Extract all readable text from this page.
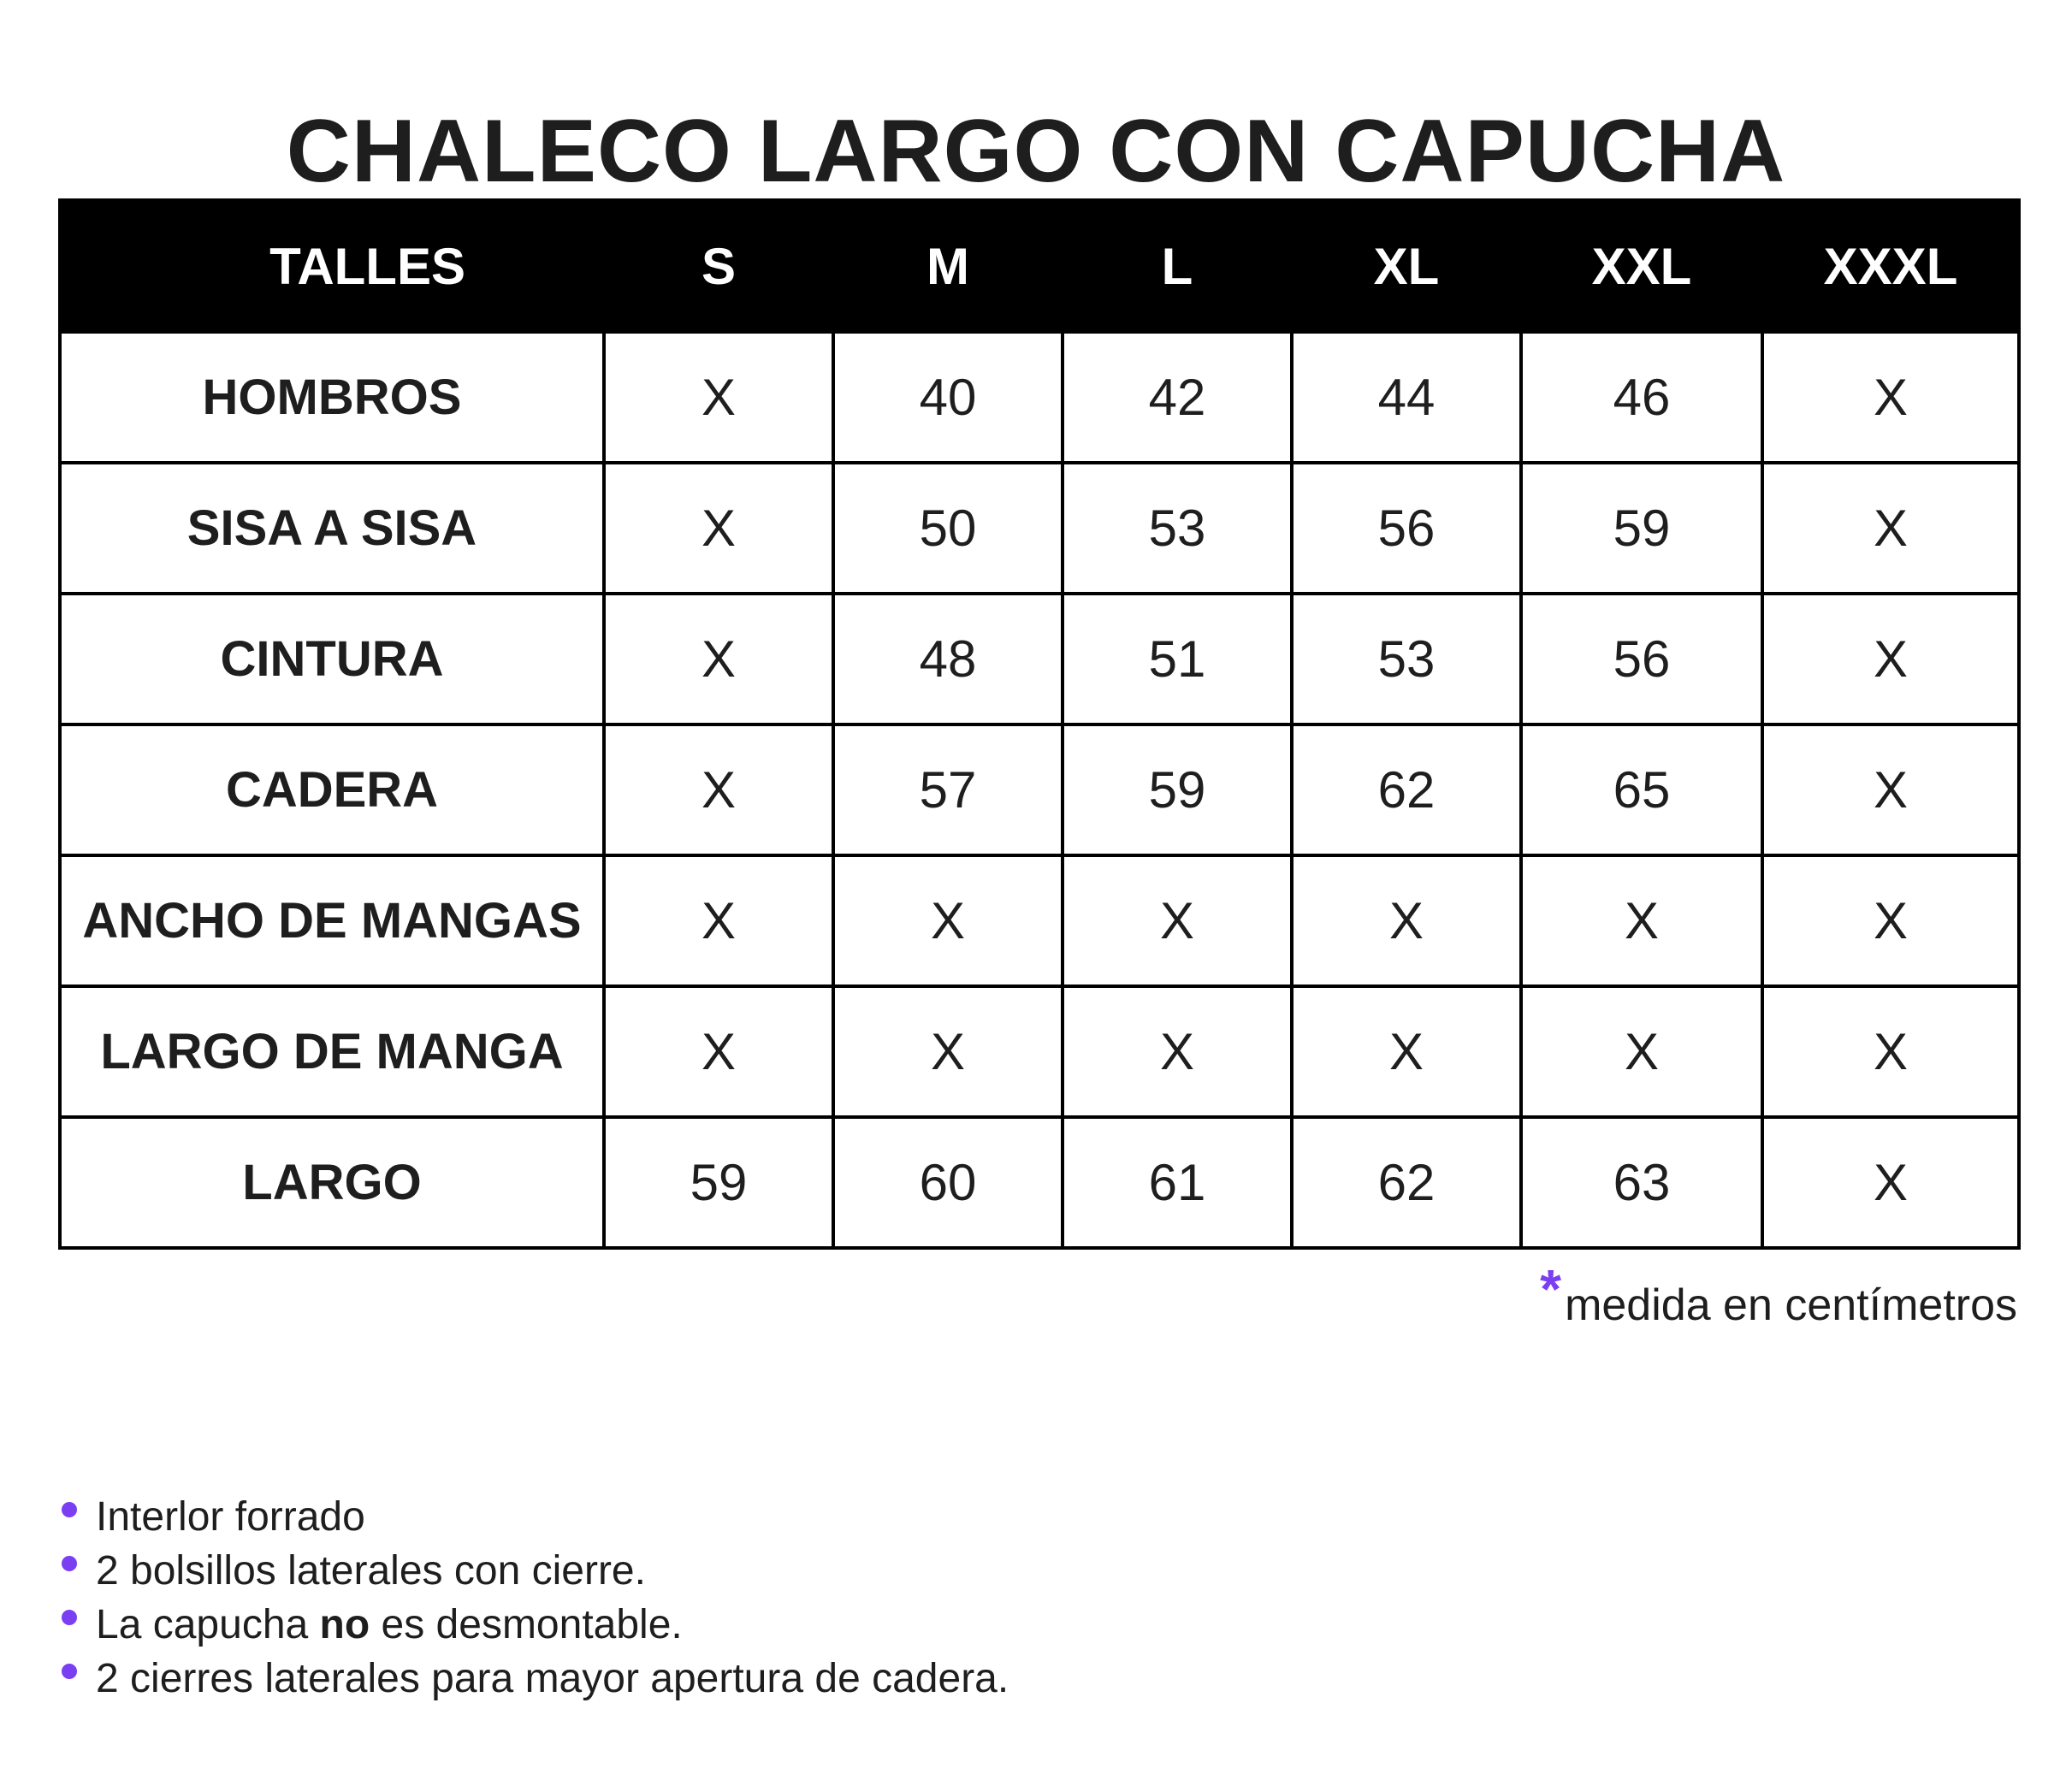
CHALECO LARGO CON CAPUCHA
TALLES	S	M	L	XL	XXL	XXXL
HOMBROS	X	40	42	44	46	X
SISA A SISA	X	50	53	56	59	X
CINTURA	X	48	51	53	56	X
CADERA	X	57	59	62	65	X
ANCHO DE MANGAS	X	X	X	X	X	X
LARGO DE MANGA	X	X	X	X	X	X
LARGO	59	60	61	62	63	X
*medida en centímetros
Interlor forrado
2 bolsillos laterales con cierre.
La capucha no es desmontable.
2 cierres laterales para mayor apertura de cadera.
